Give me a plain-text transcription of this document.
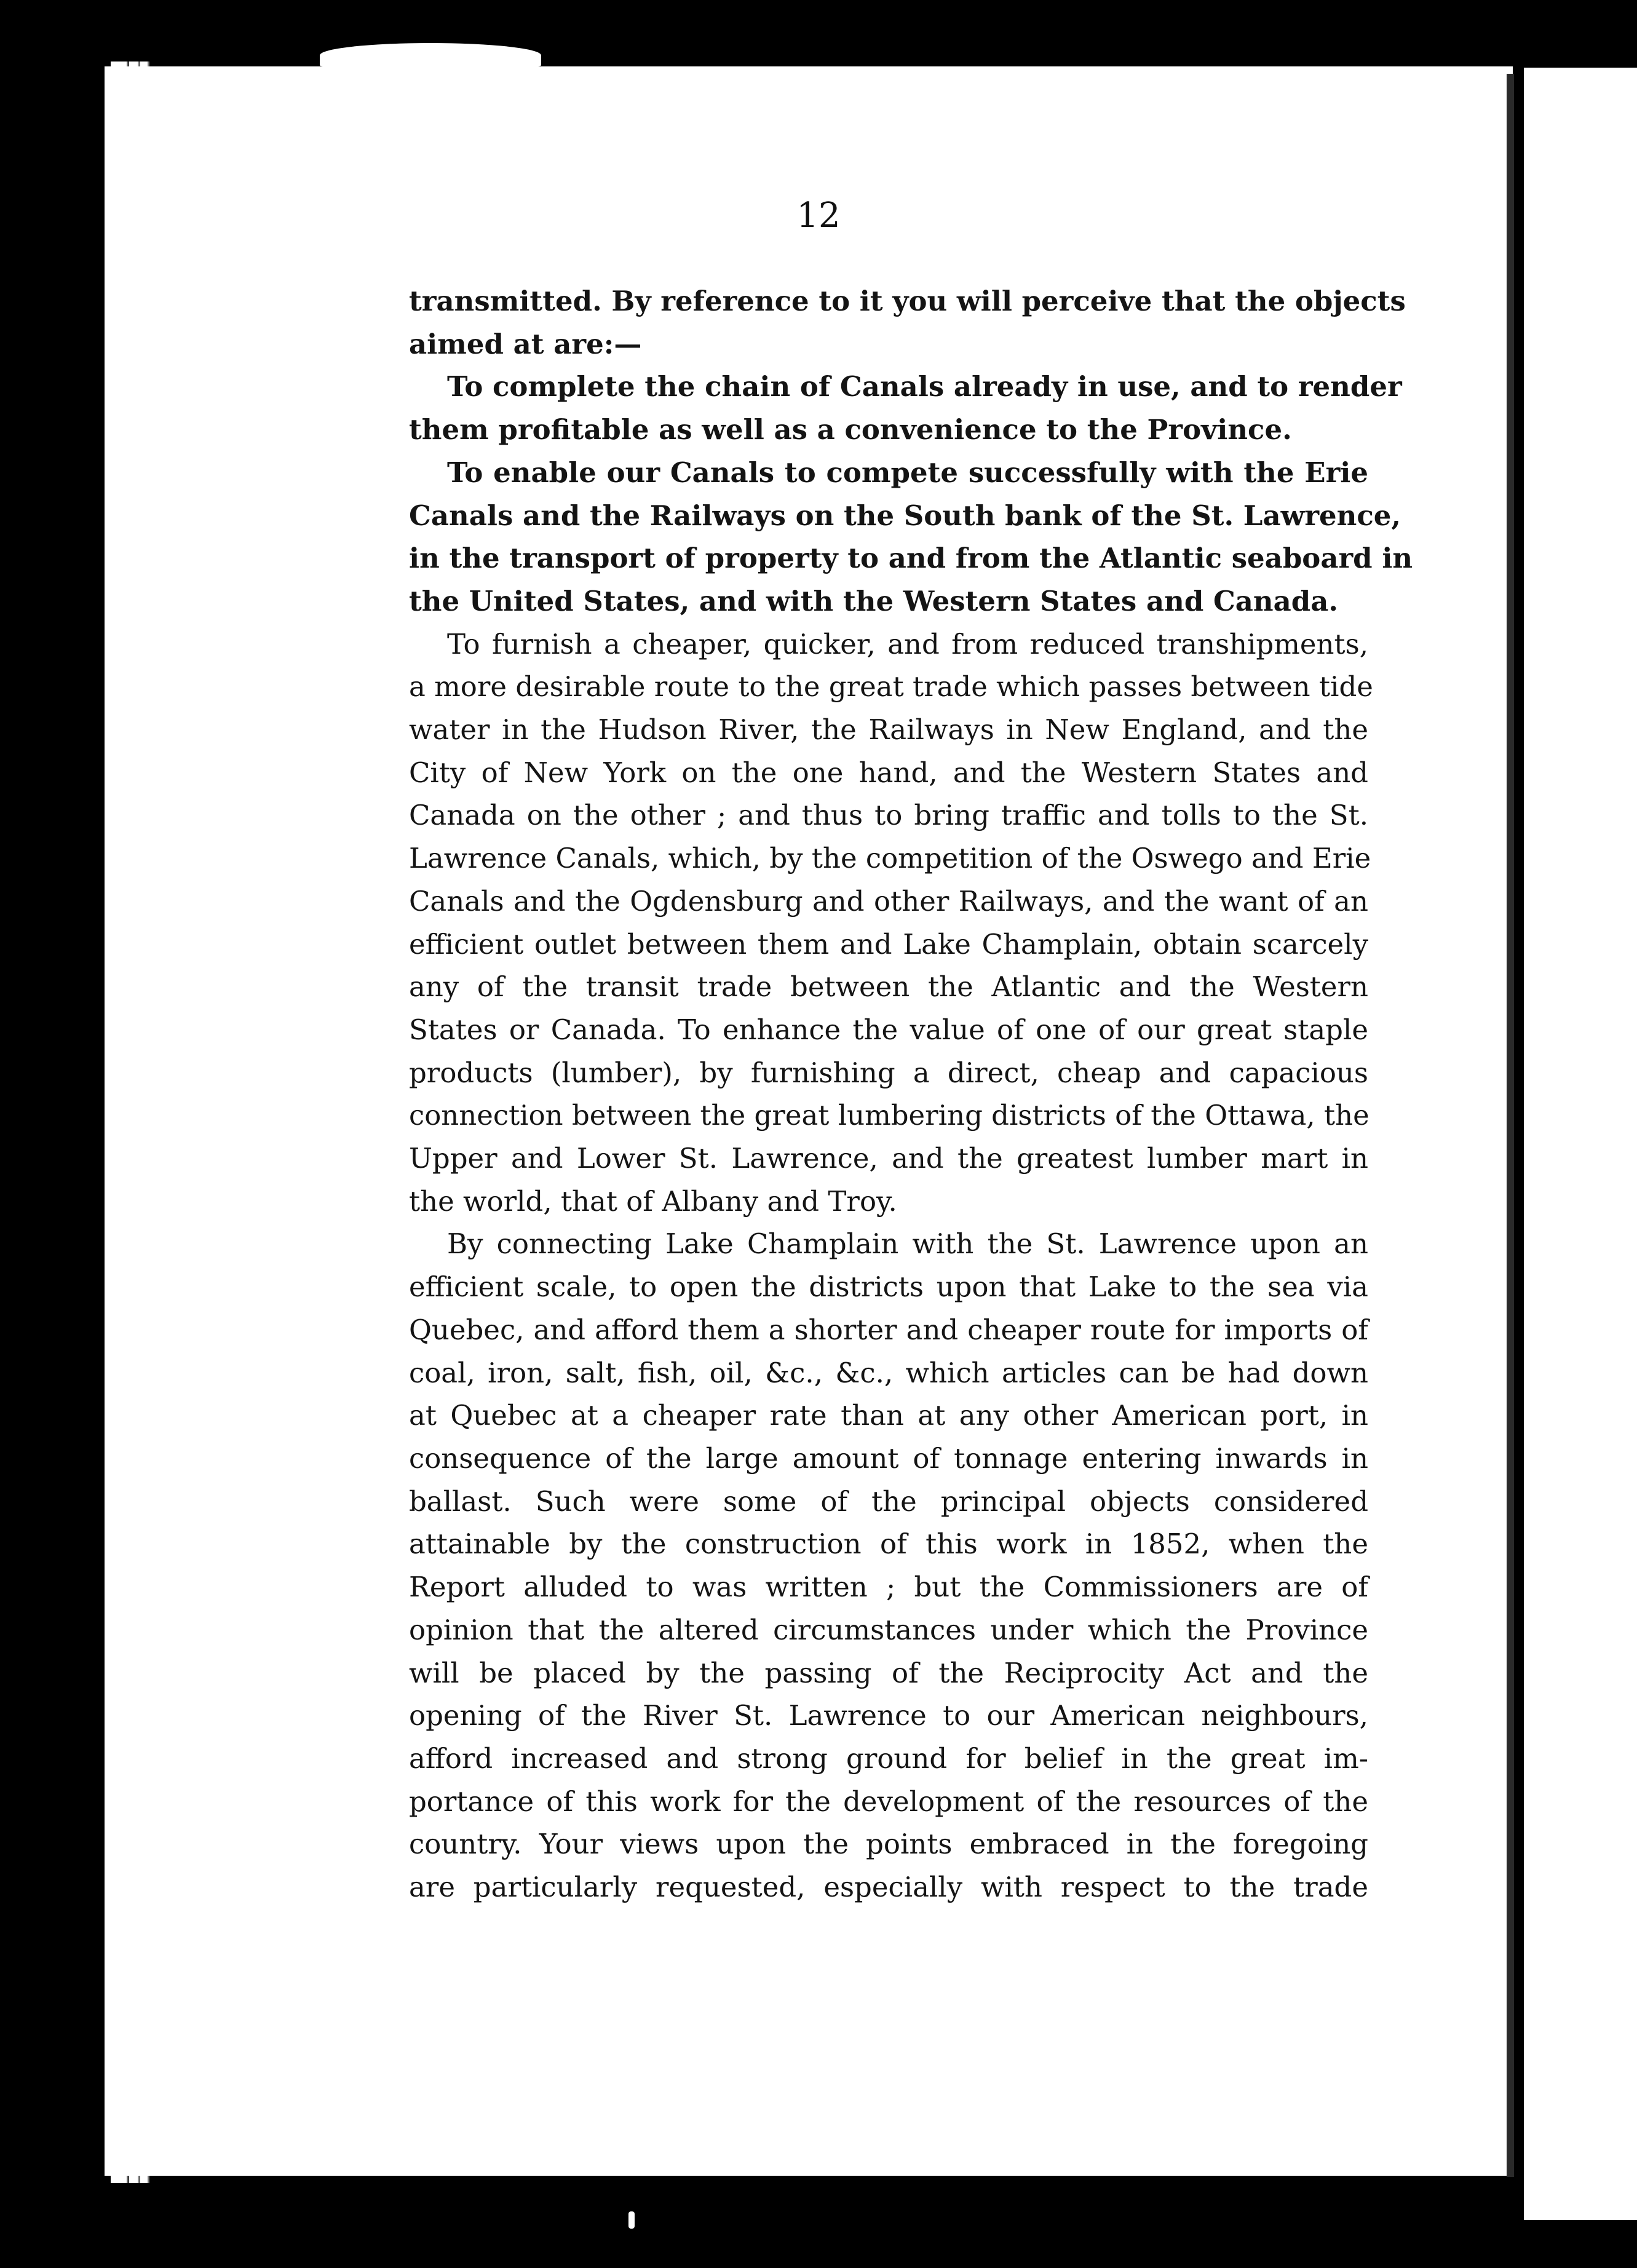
12

transmitted. By reference to it you will perceive that the objects

aimed at are:—

To complete the chain of Canals already in use, and to render

them profitable as well as a convenience to the Province.

To enable our Canals to compete successfully with the Erie

Canals and the Railways on the South bank of the St. Lawrence,

in the transport of property to and from the Atlantic seaboard in

the United States, and with the Western States and Canada.

To furnish a cheaper, quicker, and from reduced transhipments,

a more desirable route to the great trade which passes between tide

water in the Hudson River, the Railways in New England, and the

City of New York on the one hand, and the Western States and

Canada on the other ; and thus to bring traffic and tolls to the St.

Lawrence Canals, which, by the competition of the Oswego and Erie

Canals and the Ogdensburg and other Railways, and the want of an

efficient outlet between them and Lake Champlain, obtain scarcely

any of the transit trade between the Atlantic and the Western

States or Canada. To enhance the value of one of our great staple

products (lumber), by furnishing a direct, cheap and capacious

connection between the great lumbering districts of the Ottawa, the

Upper and Lower St. Lawrence, and the greatest lumber mart in

the world, that of Albany and Troy.

By connecting Lake Champlain with the St. Lawrence upon an

efficient scale, to open the districts upon that Lake to the sea via

Quebec, and afford them a shorter and cheaper route for imports of

coal, iron, salt, fish, oil, &c., &c., which articles can be had down

at Quebec at a cheaper rate than at any other American port, in

consequence of the large amount of tonnage entering inwards in

ballast. Such were some of the principal objects considered

attainable by the construction of this work in 1852, when the

Report alluded to was written ; but the Commissioners are of

opinion that the altered circumstances under which the Province

will be placed by the passing of the Reciprocity Act and the

opening of the River St. Lawrence to our American neighbours,

afford increased and strong ground for belief in the great im-

portance of this work for the development of the resources of the

country. Your views upon the points embraced in the foregoing

are particularly requested, especially with respect to the trade
